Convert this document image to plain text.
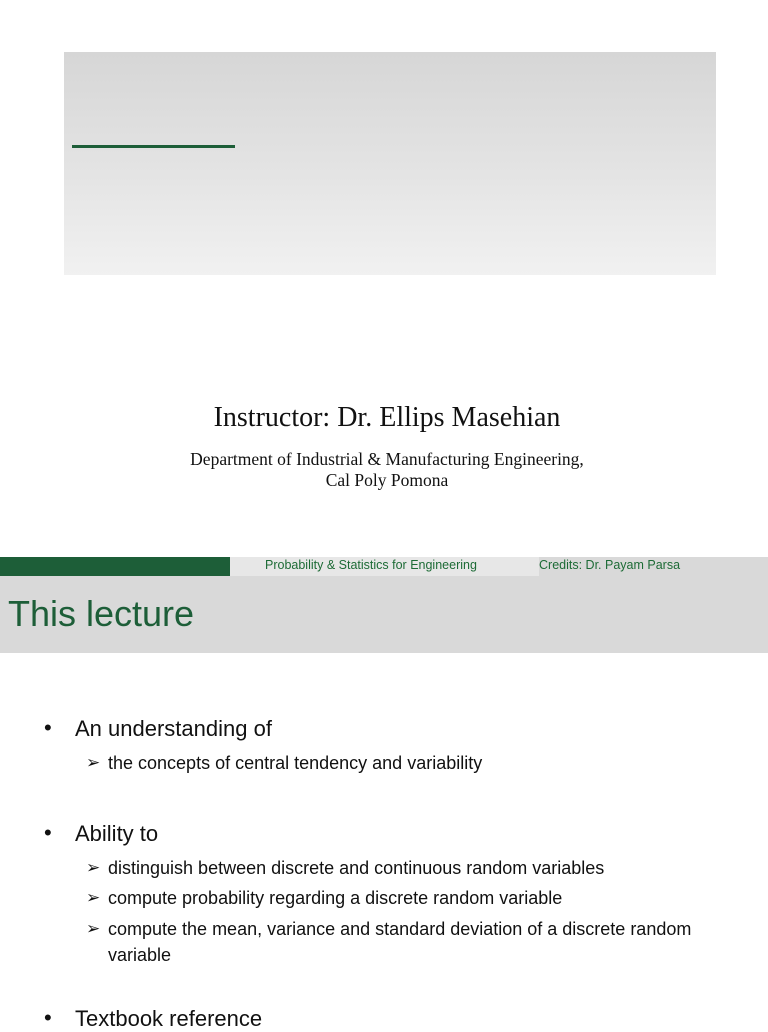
Instructor: Dr. Ellips Masehian
Department of Industrial & Manufacturing Engineering,
Cal Poly Pomona
Probability & Statistics for Engineering	Credits: Dr. Payam Parsa
This lecture
• An understanding of
➢ the concepts of central tendency and variability
• Ability to
➢ distinguish between discrete and continuous random variables
➢ compute probability regarding a discrete random variable
➢ compute the mean, variance and standard deviation of a discrete random variable
• Textbook reference
